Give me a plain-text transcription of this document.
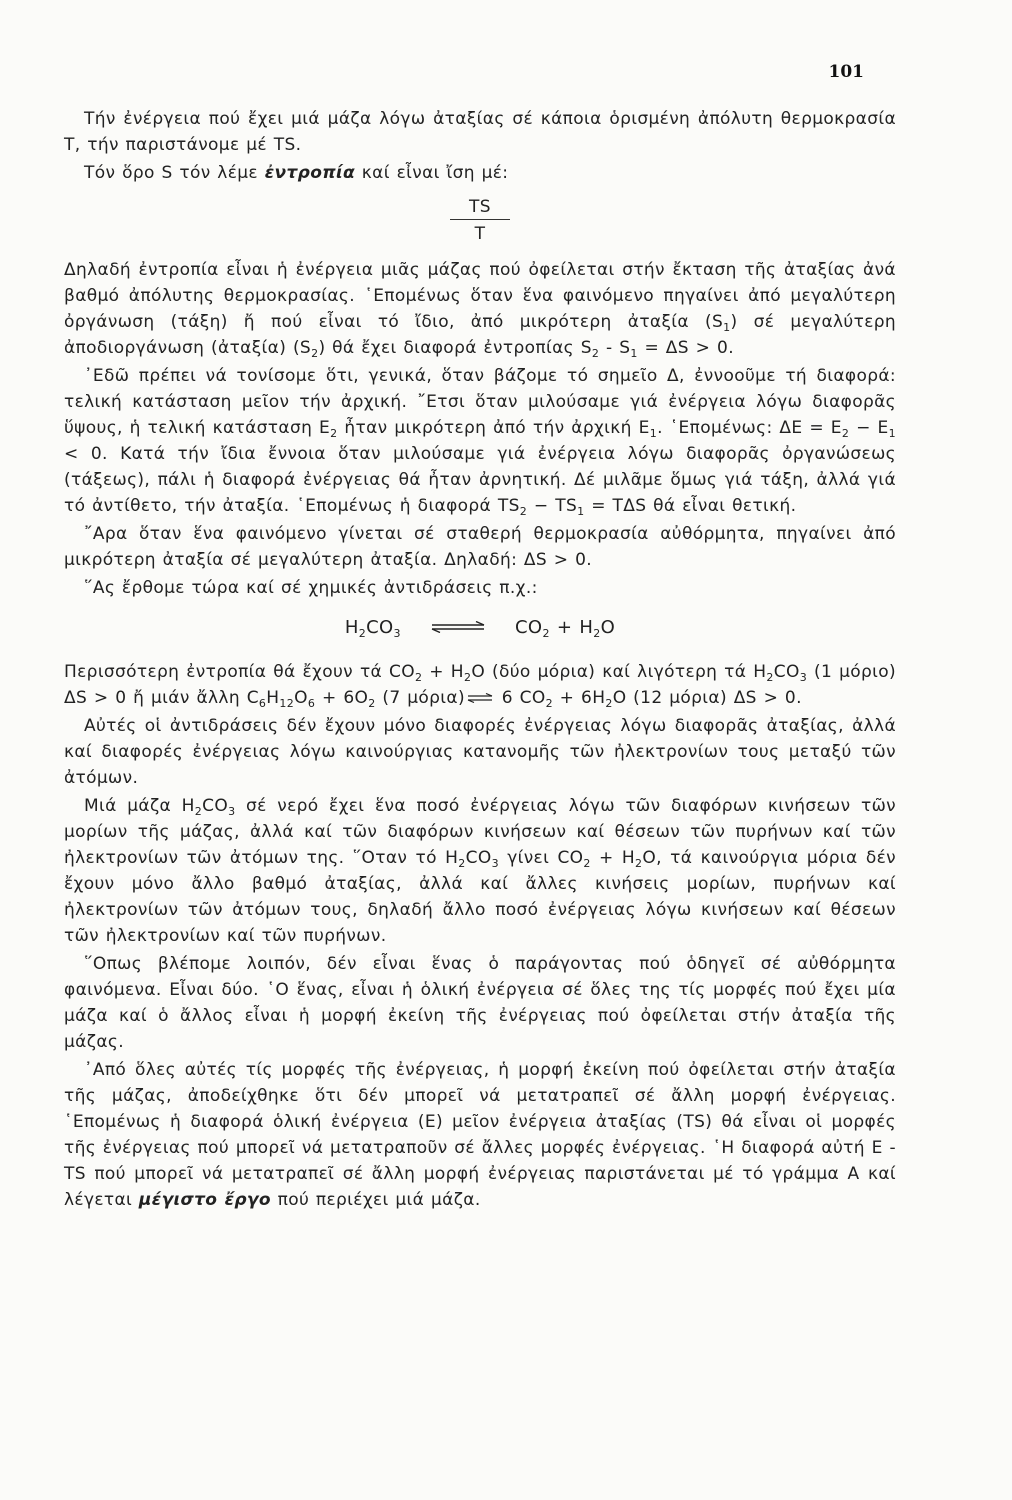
101

Τήν ἐνέργεια πού ἔχει μιά μάζα λόγω ἀταξίας σέ κάποια ὁρισμένη ἀπόλυτη θερμοκρασία Τ, τήν παριστάνομε μέ TS.

Τόν ὅρο S τόν λέμε ἐντροπία καί εἶναι ἴση μέ:

TS
T

Δηλαδή ἐντροπία εἶναι ἡ ἐνέργεια μιᾶς μάζας πού ὀφείλεται στήν ἔκταση τῆς ἀταξίας ἀνά βαθμό ἀπόλυτης θερμοκρασίας. ῾Επομένως ὅταν ἕνα φαινόμενο πηγαίνει ἀπό μεγαλύτερη ὀργάνωση (τάξη) ἤ πού εἶναι τό ἴδιο, ἀπό μικρότερη ἀταξία $(S_1)$ σέ μεγαλύτερη ἀποδιοργάνωση (ἀταξία) $(S_2)$ θά ἔχει διαφορά ἐντροπίας $S_2 - S_1 = \Delta S > 0$.

᾿Εδῶ πρέπει νά τονίσομε ὅτι, γενικά, ὅταν βάζομε τό σημεῖο Δ, ἐννοοῦμε τή διαφορά: τελική κατάσταση μεῖον τήν ἀρχική. ῎Ετσι ὅταν μιλούσαμε γιά ἐνέργεια λόγω διαφορᾶς ὕψους, ἡ τελική κατάσταση $E_2$ ἦταν μικρότερη ἀπό τήν ἀρχική $E_1$. ῾Επομένως: $\Delta E = E_2 - E_1 < 0$. Κατά τήν ἴδια ἔννοια ὅταν μιλούσαμε γιά ἐνέργεια λόγω διαφορᾶς ὀργανώσεως (τάξεως), πάλι ἡ διαφορά ἐνέργειας θά ἦταν ἀρνητική. Δέ μιλᾶμε ὅμως γιά τάξη, ἀλλά γιά τό ἀντίθετο, τήν ἀταξία. ῾Επομένως ἡ διαφορά $TS_2 - TS_1 = T\Delta S$ θά εἶναι θετική.

῎Αρα ὅταν ἕνα φαινόμενο γίνεται σέ σταθερή θερμοκρασία αὐθόρμητα, πηγαίνει ἀπό μικρότερη ἀταξία σέ μεγαλύτερη ἀταξία. Δηλαδή: ΔS > 0.

῞Ας ἔρθομε τώρα καί σέ χημικές ἀντιδράσεις π.χ.:

$H_2CO_3$	$CO_2 + H_2O$

Περισσότερη ἐντροπία θά ἔχουν τά $CO_2 + H_2O$ (δύο μόρια) καί λιγότερη τά $H_2CO_3$ (1 μόριο) ΔS > 0 ἤ μιάν ἄλλη $C_6H_{12}O_6 + 6O_2$ (7 μόρια) ⇌ 6 $CO_2 + 6H_2O$ (12 μόρια) ΔS > 0.

Αὐτές οἱ ἀντιδράσεις δέν ἔχουν μόνο διαφορές ἐνέργειας λόγω διαφορᾶς ἀταξίας, ἀλλά καί διαφορές ἐνέργειας λόγω καινούργιας κατανομῆς τῶν ἠλεκτρονίων τους μεταξύ τῶν ἀτόμων.

Μιά μάζα $H_2CO_3$ σέ νερό ἔχει ἕνα ποσό ἐνέργειας λόγω τῶν διαφόρων κινήσεων τῶν μορίων τῆς μάζας, ἀλλά καί τῶν διαφόρων κινήσεων καί θέσεων τῶν πυρήνων καί τῶν ἠλεκτρονίων τῶν ἀτόμων της. ῞Οταν τό $H_2CO_3$ γίνει $CO_2 + H_2O$, τά καινούργια μόρια δέν ἔχουν μόνο ἄλλο βαθμό ἀταξίας, ἀλλά καί ἄλλες κινήσεις μορίων, πυρήνων καί ἠλεκτρονίων τῶν ἀτόμων τους, δηλαδή ἄλλο ποσό ἐνέργειας λόγω κινήσεων καί θέσεων τῶν ἠλεκτρονίων καί τῶν πυρήνων.

῞Οπως βλέπομε λοιπόν, δέν εἶναι ἕνας ὁ παράγοντας πού ὁδηγεῖ σέ αὐθόρμητα φαινόμενα. Εἶναι δύο. ῾Ο ἕνας, εἶναι ἡ ὁλική ἐνέργεια σέ ὅλες της τίς μορφές πού ἔχει μία μάζα καί ὁ ἄλλος εἶναι ἡ μορφή ἐκείνη τῆς ἐνέργειας πού ὀφείλεται στήν ἀταξία τῆς μάζας.

᾿Από ὅλες αὐτές τίς μορφές τῆς ἐνέργειας, ἡ μορφή ἐκείνη πού ὀφείλεται στήν ἀταξία τῆς μάζας, ἀποδείχθηκε ὅτι δέν μπορεῖ νά μετατραπεῖ σέ ἄλλη μορφή ἐνέργειας. ῾Επομένως ἡ διαφορά ὁλική ἐνέργεια (E) μεῖον ἐνέργεια ἀταξίας (TS) θά εἶναι οἱ μορφές τῆς ἐνέργειας πού μπορεῖ νά μετατραποῦν σέ ἄλλες μορφές ἐνέργειας. ῾Η διαφορά αὐτή E - TS πού μπορεῖ νά μετατραπεῖ σέ ἄλλη μορφή ἐνέργειας παριστάνεται μέ τό γράμμα A καί λέγεται μέγιστο ἔργο πού περιέχει μιά μάζα.
